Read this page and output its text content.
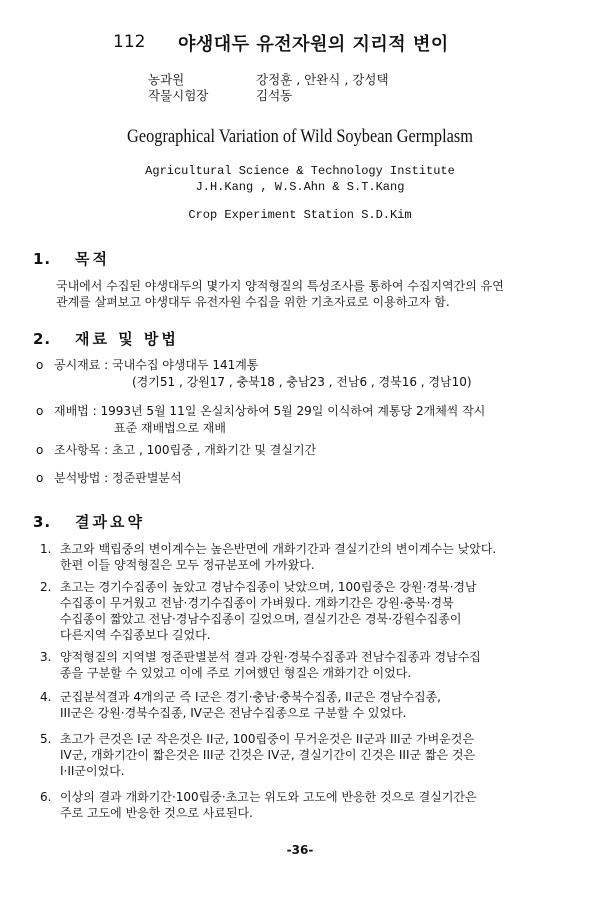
112 야생대두 유전자원의 지리적 변이
농과원
작물시험장
강정훈 , 안완식 , 강성택
김석동
Geographical Variation of Wild Soybean Germplasm
Agricultural Science & Technology Institute
J.H.Kang , W.S.Ahn & S.T.Kang
Crop Experiment Station S.D.Kim
1. 목적
국내에서 수집된 야생대두의 몇가지 양적형질의 특성조사를 통하여 수집지역간의 유연
관계를 살펴보고 야생대두 유전자원 수집을 위한 기초자료로 이용하고자 함.
2. 재료 및 방법
o 공시재료 : 국내수집 야생대두 141계통
(경기51 , 강원17 , 충북18 , 충남23 , 전남6 , 경북16 , 경남10)
o 재배법 : 1993년 5월 11일 온실치상하여 5월 29일 이식하여 계통당 2개체씩 작시
표준 재배법으로 재배
o 조사항목 : 초고 , 100립중 , 개화기간 및 결실기간
o 분석방법 : 정준판별분석
3. 결과요약
1. 초고와 백립중의 변이계수는 높은반면에 개화기간과 결실기간의 변이계수는 낮았다.
한편 이들 양적형질은 모두 정규분포에 가까왔다.
2. 초고는 경기수집종이 높았고 경남수집종이 낮았으며, 100립중은 강원·경북·경남
수집종이 무거웠고 전남·경기수집종이 가벼웠다. 개화기간은 강원·충북·경북
수집종이 짧았고 전남·경남수집종이 길었으며, 결실기간은 경북·강원수집종이
다른지역 수집종보다 길었다.
3. 양적형질의 지역별 정준판별분석 결과 강원·경북수집종과 전남수집종과 경남수집
종을 구분할 수 있었고 이에 주로 기여했던 형질은 개화기간 이었다.
4. 군집분석결과 4개의군 즉 I군은 경기·충남·충북수집종, II군은 경남수집종,
III군은 강원·경북수집종, IV군은 전남수집종으로 구분할 수 있었다.
5. 초고가 큰것은 I군 작은것은 II군, 100립중이 무거운것은 II군과 III군 가벼운것은
IV군, 개화기간이 짧은것은 III군 긴것은 IV군, 결실기간이 긴것은 III군 짧은 것은
I·II군이었다.
6. 이상의 결과 개화기간·100립중·초고는 위도와 고도에 반응한 것으로 결실기간은
주로 고도에 반응한 것으로 사료된다.
-36-
